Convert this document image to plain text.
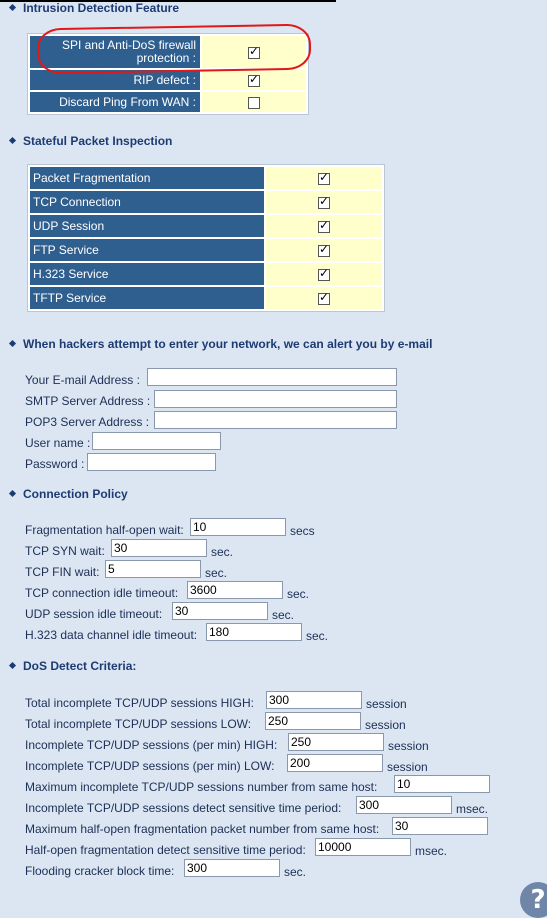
Intrusion Detection Feature
SPI and Anti-DoS firewall
protection :	✓
RIP defect :	✓
Discard Ping From WAN :	
Stateful Packet Inspection
Packet Fragmentation	✓
TCP Connection	✓
UDP Session	✓
FTP Service	✓
H.323 Service	✓
TFTP Service	✓
When hackers attempt to enter your network, we can alert you by e-mail
Your E-mail Address :
SMTP Server Address :
POP3 Server Address :
User name :
Password :
Connection Policy
Fragmentation half-open wait:
10	secs
TCP SYN wait:
30	sec.
TCP FIN wait:
5	sec.
TCP connection idle timeout:
3600	sec.
UDP session idle timeout:
30	sec.
H.323 data channel idle timeout:
180	sec.
DoS Detect Criteria:
Total incomplete TCP/UDP sessions HIGH:
300	session
Total incomplete TCP/UDP sessions LOW:
250	session
Incomplete TCP/UDP sessions (per min) HIGH:
250	session
Incomplete TCP/UDP sessions (per min) LOW:
200	session
Maximum incomplete TCP/UDP sessions number from same host:
10
Incomplete TCP/UDP sessions detect sensitive time period:
300	msec.
Maximum half-open fragmentation packet number from same host:
30
Half-open fragmentation detect sensitive time period:
10000	msec.
Flooding cracker block time:
300	sec.
?
